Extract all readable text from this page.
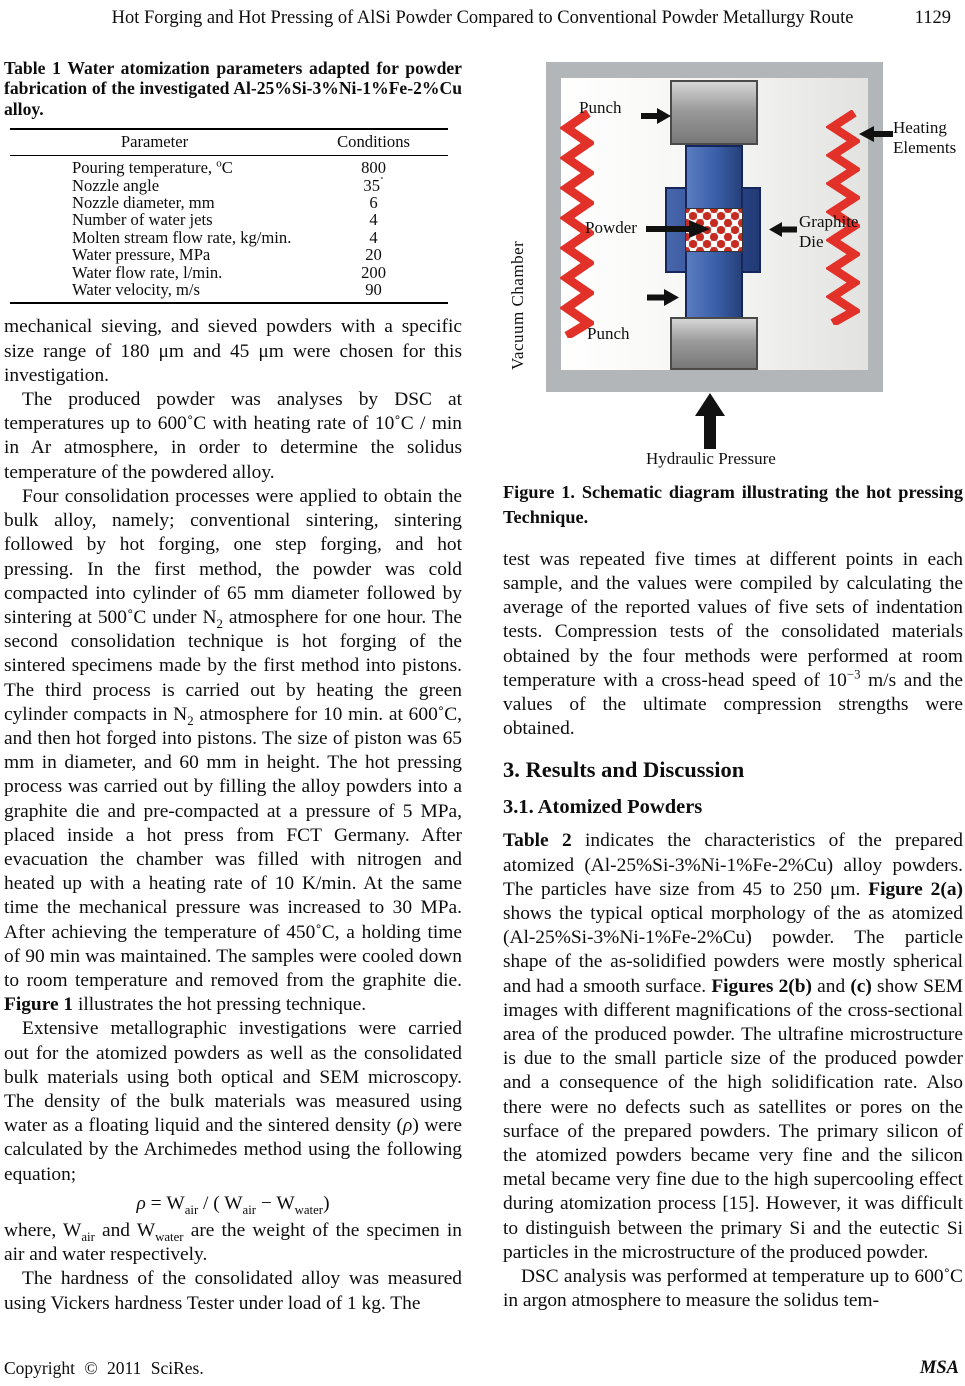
Hot Forging and Hot Pressing of AlSi Powder Compared to Conventional Powder Metallurgy Route	1129
Table 1 Water atomization parameters adapted for powder fabrication of the investigated Al-25%Si-3%Ni-1%Fe-2%Cu alloy.
Parameter	Conditions
Pouring temperature, $^o$C	800
Nozzle angle	35˚
Nozzle diameter, mm	6
Number of water jets	4
Molten stream flow rate, kg/min.	4
Water pressure, MPa	20
Water flow rate, l/min.	200
Water velocity, m/s	90

mechanical sieving, and sieved powders with a specific size range of 180 μm and 45 μm were chosen for this investigation.

The produced powder was analyses by DSC at temperatures up to 600˚C with heating rate of 10˚C / min in Ar atmosphere, in order to determine the solidus temperature of the powdered alloy.

Four consolidation processes were applied to obtain the bulk alloy, namely; conventional sintering, sintering followed by hot forging, one step forging, and hot pressing. In the first method, the powder was cold compacted into cylinder of 65 mm diameter followed by sintering at 500˚C under $N_2$ atmosphere for one hour. The second consolidation technique is hot forging of the sintered specimens made by the first method into pistons. The third process is carried out by heating the green cylinder compacts in $N_2$ atmosphere for 10 min. at 600˚C, and then hot forged into pistons. The size of piston was 65 mm in diameter, and 60 mm in height. The hot pressing process was carried out by filling the alloy powders into a graphite die and pre-compacted at a pressure of 5 MPa, placed inside a hot press from FCT Germany. After evacuation the chamber was filled with nitrogen and heated up with a heating rate of 10 K/min. At the same time the mechanical pressure was increased to 30 MPa. After achieving the temperature of 450˚C, a holding time of 90 min was maintained. The samples were cooled down to room temperature and removed from the graphite die. Figure 1 illustrates the hot pressing technique.

Extensive metallographic investigations were carried out for the atomized powders as well as the consolidated bulk materials using both optical and SEM microscopy. The density of the bulk materials was measured using water as a floating liquid and the sintered density (ρ) were calculated by the Archimedes method using the following equation;

$\rho = W_{air}$ / ( $W_{air} - W_{water}$)

where, $W_{air}$ and $W_{water}$ are the weight of the specimen in air and water respectively.

The hardness of the consolidated alloy was measured using Vickers hardness Tester under load of 1 kg. The

Vacuum Chamber
Punch
Heating Elements
Powder	Graphite Die
Punch
Hydraulic Pressure
Figure 1. Schematic diagram illustrating the hot pressing Technique.

test was repeated five times at different points in each sample, and the values were compiled by calculating the average of the reported values of five sets of indentation tests. Compression tests of the consolidated materials obtained by the four methods were performed at room temperature with a cross-head speed of $10^{-3}$ m/s and the values of the ultimate compression strengths were obtained.

3. Results and Discussion
3.1. Atomized Powders

Table 2 indicates the characteristics of the prepared atomized (Al-25%Si-3%Ni-1%Fe-2%Cu) alloy powders. The particles have size from 45 to 250 μm. Figure 2(a) shows the typical optical morphology of the as atomized (Al-25%Si-3%Ni-1%Fe-2%Cu) powder. The particle shape of the as-solidified powders were mostly spherical and had a smooth surface. Figures 2(b) and (c) show SEM images with different magnifications of the cross-sectional area of the produced powder. The ultrafine microstructure is due to the small particle size of the produced powder and a consequence of the high solidification rate. Also there were no defects such as satellites or pores on the surface of the prepared powders. The primary silicon of the atomized powders became very fine and the silicon metal became very fine due to the high supercooling effect during atomization process [15]. However, it was difficult to distinguish between the primary Si and the eutectic Si particles in the microstructure of the produced powder.

DSC analysis was performed at temperature up to 600˚C in argon atmosphere to measure the solidus tem-

Copyright © 2011 SciRes.	MSA
